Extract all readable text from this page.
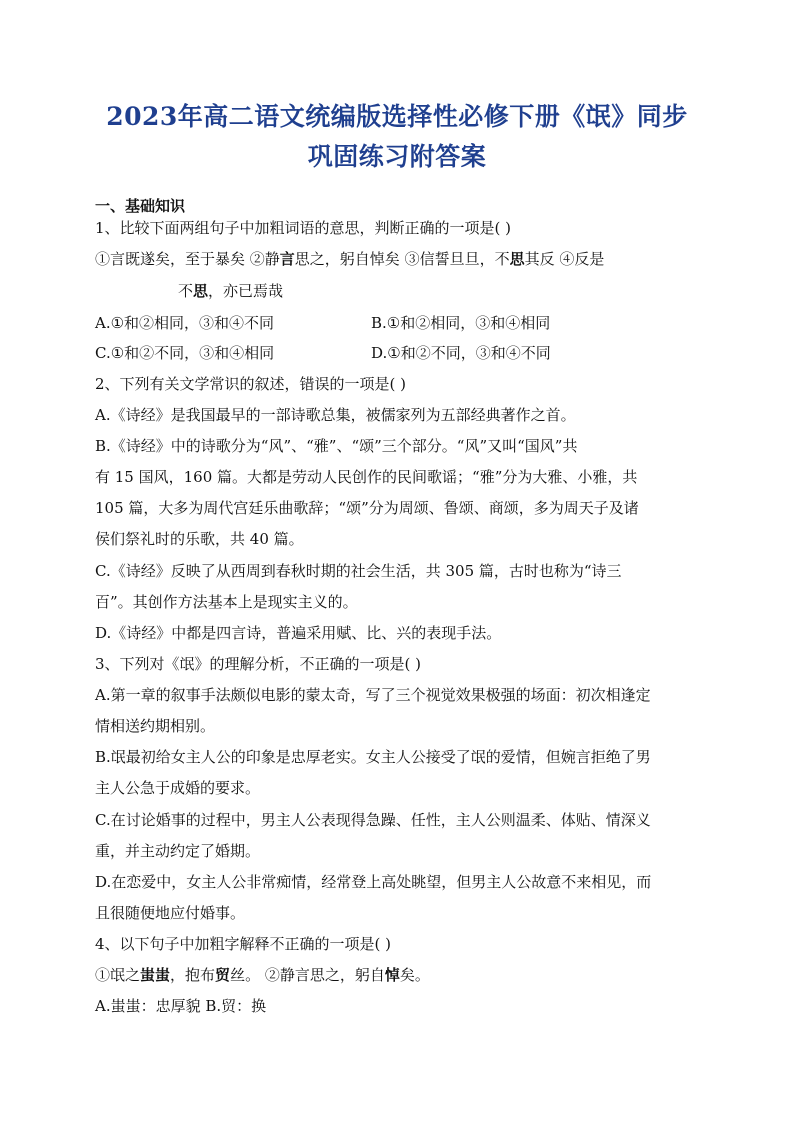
2023年高二语文统编版选择性必修下册《氓》同步
巩固练习附答案
一、基础知识
1、比较下面两组句子中加粗词语的意思，判断正确的一项是( )
①言既遂矣，至于暴矣 ②静言思之，躬自悼矣 ③信誓旦旦，不思其反 ④反是
不思，亦已焉哉
A.①和②相同，③和④不同	B.①和②相同，③和④相同
C.①和②不同，③和④相同	D.①和②不同，③和④不同
2、下列有关文学常识的叙述，错误的一项是( )
A.《诗经》是我国最早的一部诗歌总集，被儒家列为五部经典著作之首。
B.《诗经》中的诗歌分为“风”、“雅”、“颂”三个部分。“风”又叫“国风”共
有 15 国风，160 篇。大都是劳动人民创作的民间歌谣；“雅”分为大雅、小雅，共
105 篇，大多为周代宫廷乐曲歌辞；“颂”分为周颂、鲁颂、商颂，多为周天子及诸
侯们祭礼时的乐歌，共 40 篇。
C.《诗经》反映了从西周到春秋时期的社会生活，共 305 篇，古时也称为“诗三
百”。其创作方法基本上是现实主义的。
D.《诗经》中都是四言诗，普遍采用赋、比、兴的表现手法。
3、下列对《氓》的理解分析，不正确的一项是( )
A.第一章的叙事手法颇似电影的蒙太奇，写了三个视觉效果极强的场面：初次相逢定
情相送约期相别。
B.氓最初给女主人公的印象是忠厚老实。女主人公接受了氓的爱情，但婉言拒绝了男
主人公急于成婚的要求。
C.在讨论婚事的过程中，男主人公表现得急躁、任性，主人公则温柔、体贴、情深义
重，并主动约定了婚期。
D.在恋爱中，女主人公非常痴情，经常登上高处眺望，但男主人公故意不来相见，而
且很随便地应付婚事。
4、以下句子中加粗字解释不正确的一项是( )
①氓之蚩蚩，抱布贸丝。 ②静言思之，躬自悼矣。
A.蚩蚩：忠厚貌 B.贸：换
